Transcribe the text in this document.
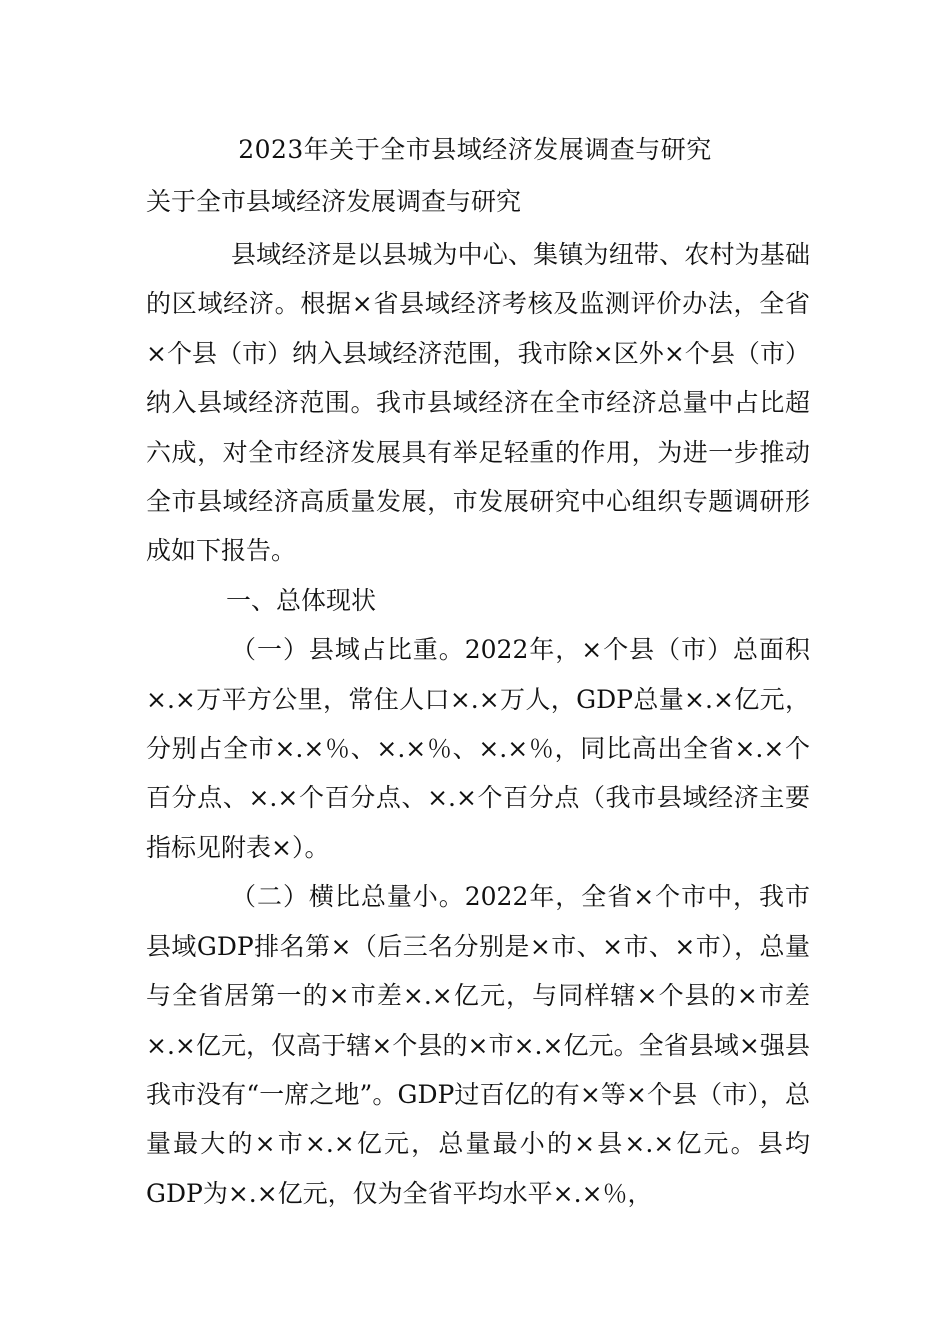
2023年关于全市县域经济发展调查与研究
关于全市县域经济发展调查与研究

县域经济是以县城为中心、集镇为纽带、农村为基础的区域经济。根据×省县域经济考核及监测评价办法，全省×个县（市）纳入县域经济范围，我市除×区外×个县（市）纳入县域经济范围。我市县域经济在全市经济总量中占比超六成，对全市经济发展具有举足轻重的作用，为进一步推动全市县域经济高质量发展，市发展研究中心组织专题调研形成如下报告。

一、总体现状

（一）县域占比重。2022年，×个县（市）总面积×.×万平方公里，常住人口×.×万人，GDP总量×.×亿元，分别占全市×.×％、×.×％、×.×％，同比高出全省×.×个百分点、×.×个百分点、×.×个百分点（我市县域经济主要指标见附表×）。

（二）横比总量小。2022年，全省×个市中，我市县域GDP排名第×（后三名分别是×市、×市、×市），总量与全省居第一的×市差×.×亿元，与同样辖×个县的×市差×.×亿元，仅高于辖×个县的×市×.×亿元。全省县域×强县我市没有“一席之地”。GDP过百亿的有×等×个县（市），总量最大的×市×.×亿元，总量最小的×县×.×亿元。县均GDP为×.×亿元，仅为全省平均水平×.×％，
